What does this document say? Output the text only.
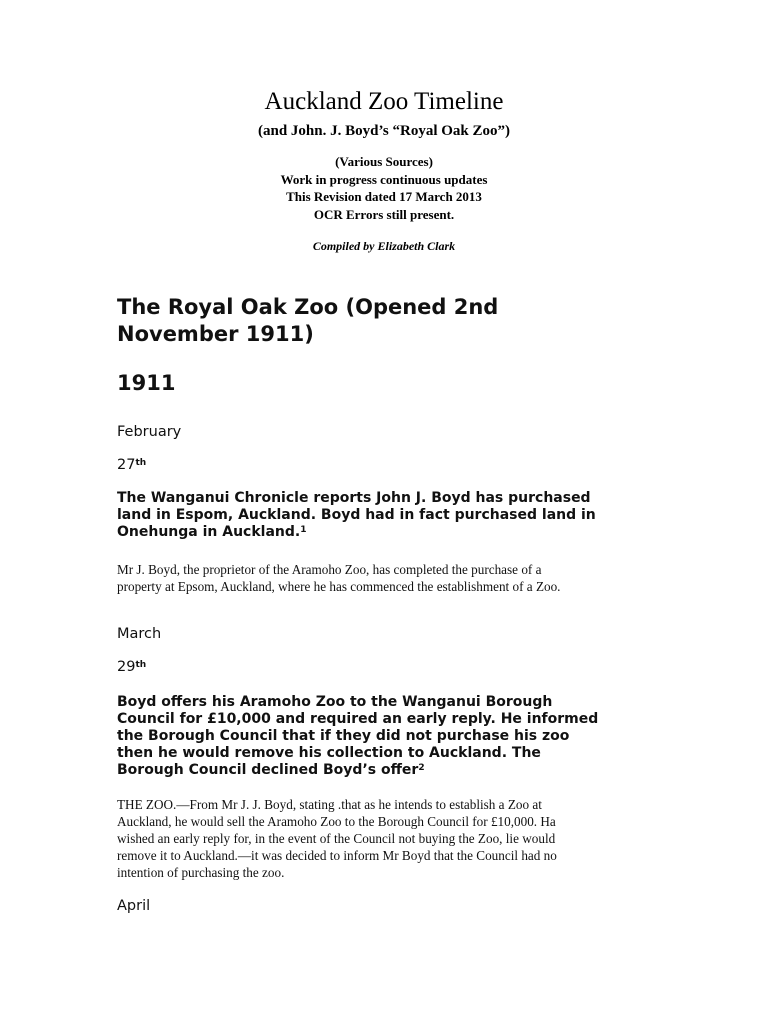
Auckland Zoo Timeline
(and John. J. Boyd’s “Royal Oak Zoo”)
(Various Sources)
Work in progress continuous updates
This Revision dated 17 March 2013
OCR Errors still present.
Compiled by Elizabeth Clark
The Royal Oak Zoo (Opened 2nd
November 1911)
1911
February
27th
The Wanganui Chronicle reports John J. Boyd has purchased
land in Espom, Auckland. Boyd had in fact purchased land in
Onehunga in Auckland.$^1$
Mr J. Boyd, the proprietor of the Aramoho Zoo, has completed the purchase of a
property at Epsom, Auckland, where he has commenced the establishment of a Zoo.
March
29th
Boyd offers his Aramoho Zoo to the Wanganui Borough
Council for £10,000 and required an early reply. He informed
the Borough Council that if they did not purchase his zoo
then he would remove his collection to Auckland. The
Borough Council declined Boyd’s offer$^2$
THE ZOO.—From Mr J. J. Boyd, stating .that as he intends to establish a Zoo at
Auckland, he would sell the Aramoho Zoo to the Borough Council for £10,000. Ha
wished an early reply for, in the event of the Council not buying the Zoo, lie would
remove it to Auckland.—it was decided to inform Mr Boyd that the Council had no
intention of purchasing the zoo.
April
